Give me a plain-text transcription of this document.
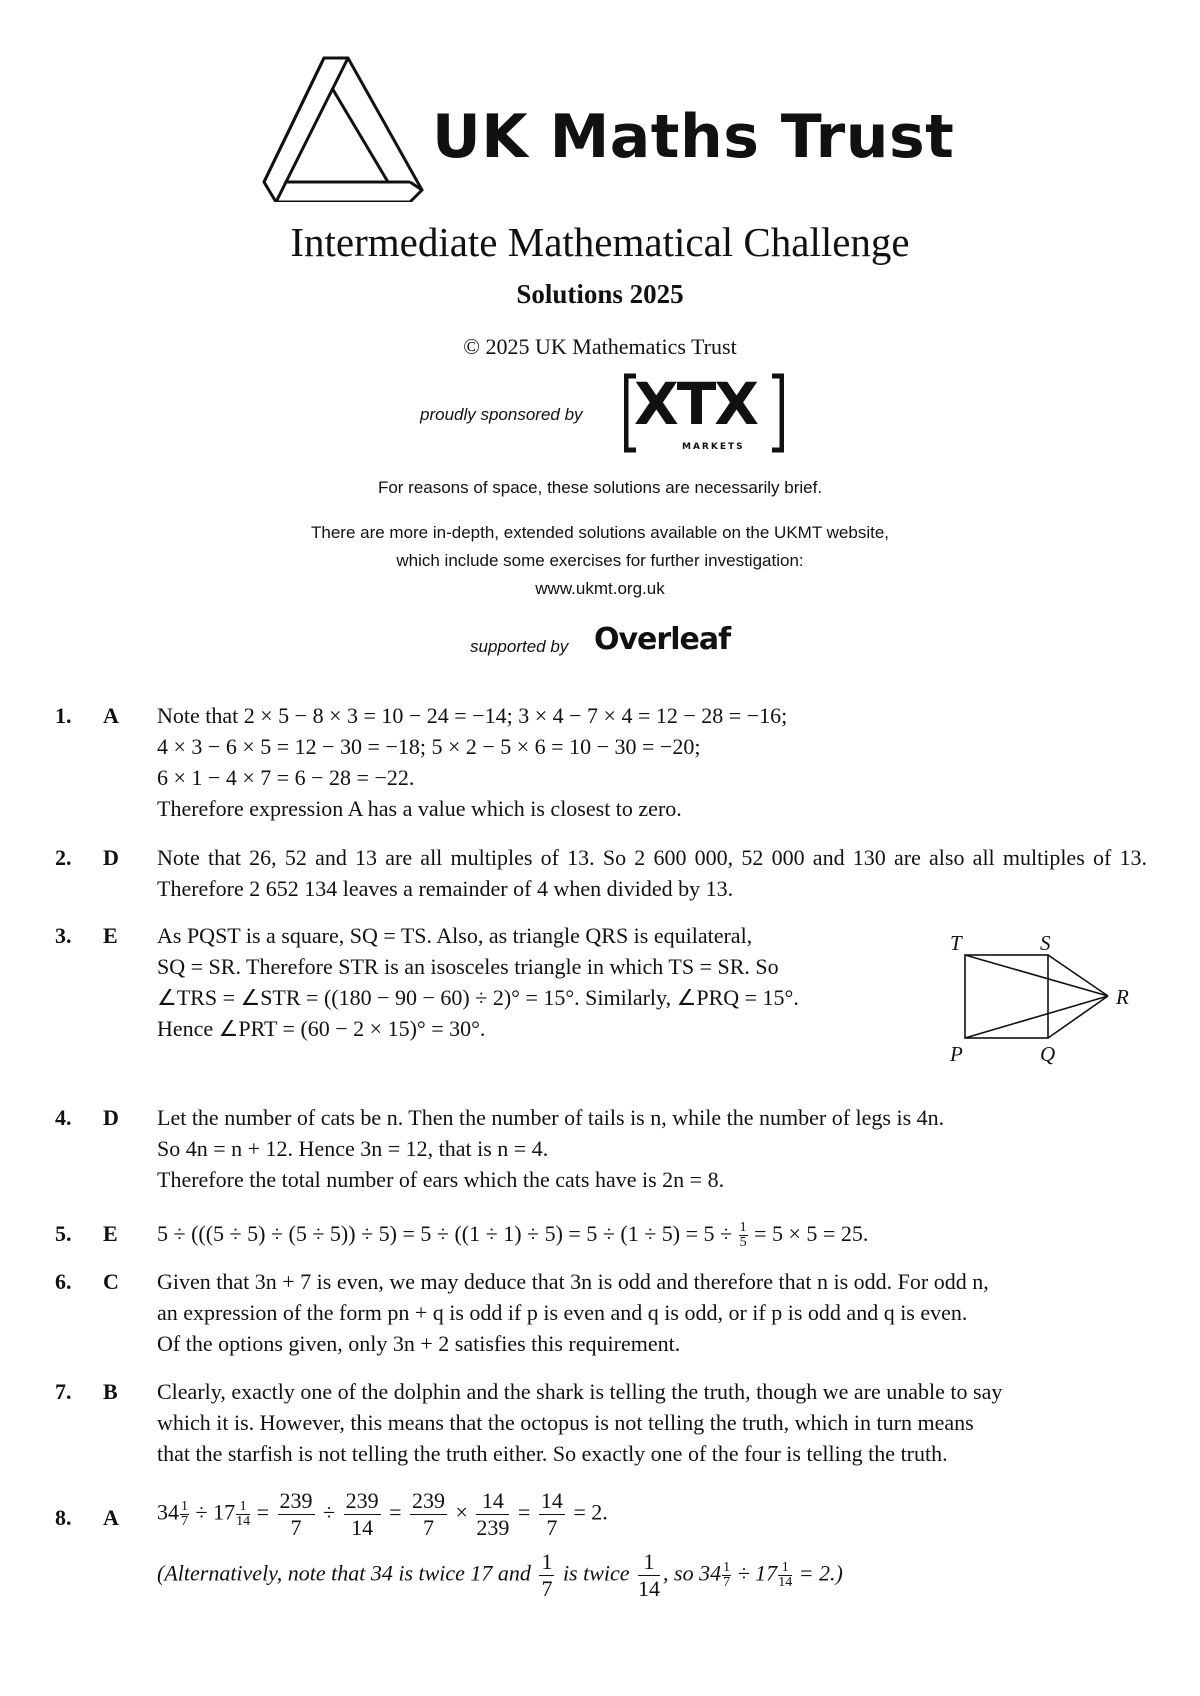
UK Maths Trust
Intermediate Mathematical Challenge
Solutions 2025
© 2025 UK Mathematics Trust
proudly sponsored by XTX
MARKETS
For reasons of space, these solutions are necessarily brief.
There are more in-depth, extended solutions available on the UKMT website,
which include some exercises for further investigation:
www.ukmt.org.uk
supported by Overleaf
1. A Note that 2 × 5 − 8 × 3 = 10 − 24 = −14; 3 × 4 − 7 × 4 = 12 − 28 = −16;
4 × 3 − 6 × 5 = 12 − 30 = −18; 5 × 2 − 5 × 6 = 10 − 30 = −20;
6 × 1 − 4 × 7 = 6 − 28 = −22.
Therefore expression A has a value which is closest to zero.
2. D Note that 26, 52 and 13 are all multiples of 13. So 2 600 000, 52 000 and 130 are also all multiples of 13. Therefore 2 652 134 leaves a remainder of 4 when divided by 13.
3. E As PQST is a square, SQ = TS. Also, as triangle QRS is equilateral,
SQ = SR. Therefore STR is an isosceles triangle in which TS = SR. So
∠TRS = ∠STR = ((180 − 90 − 60) ÷ 2)° = 15°. Similarly, ∠PRQ = 15°.
Hence ∠PRT = (60 − 2 × 15)° = 30°.
T	S
R
P	Q
4. D Let the number of cats be n. Then the number of tails is n, while the number of legs is 4n.
So 4n = n + 12. Hence 3n = 12, that is n = 4.
Therefore the total number of ears which the cats have is 2n = 8.
5. E $5 \div (((5 \div 5) \div (5 \div 5)) \div 5) = 5 \div ((1 \div 1) \div 5) = 5 \div (1 \div 5) = 5 \div \frac{1}{5} = 5 \times 5 = 25$.
6. C Given that 3n + 7 is even, we may deduce that 3n is odd and therefore that n is odd. For odd n,
an expression of the form pn + q is odd if p is even and q is odd, or if p is odd and q is even.
Of the options given, only 3n + 2 satisfies this requirement.
7. B Clearly, exactly one of the dolphin and the shark is telling the truth, though we are unable to say
which it is. However, this means that the octopus is not telling the truth, which in turn means
that the starfish is not telling the truth either. So exactly one of the four is telling the truth.
8. A $34 \frac{1}{7} \div 17 \frac{1}{14} = \frac{239}{7} \div \frac{239}{14} = \frac{239}{7} \times \frac{14}{239} = \frac{14}{7} = 2$.
(Alternatively, note that 34 is twice 17 and $\frac{1}{7}$ is twice $\frac{1}{14}$ , so $34 \frac{1}{7} \div 17 \frac{1}{14} = 2$.)
